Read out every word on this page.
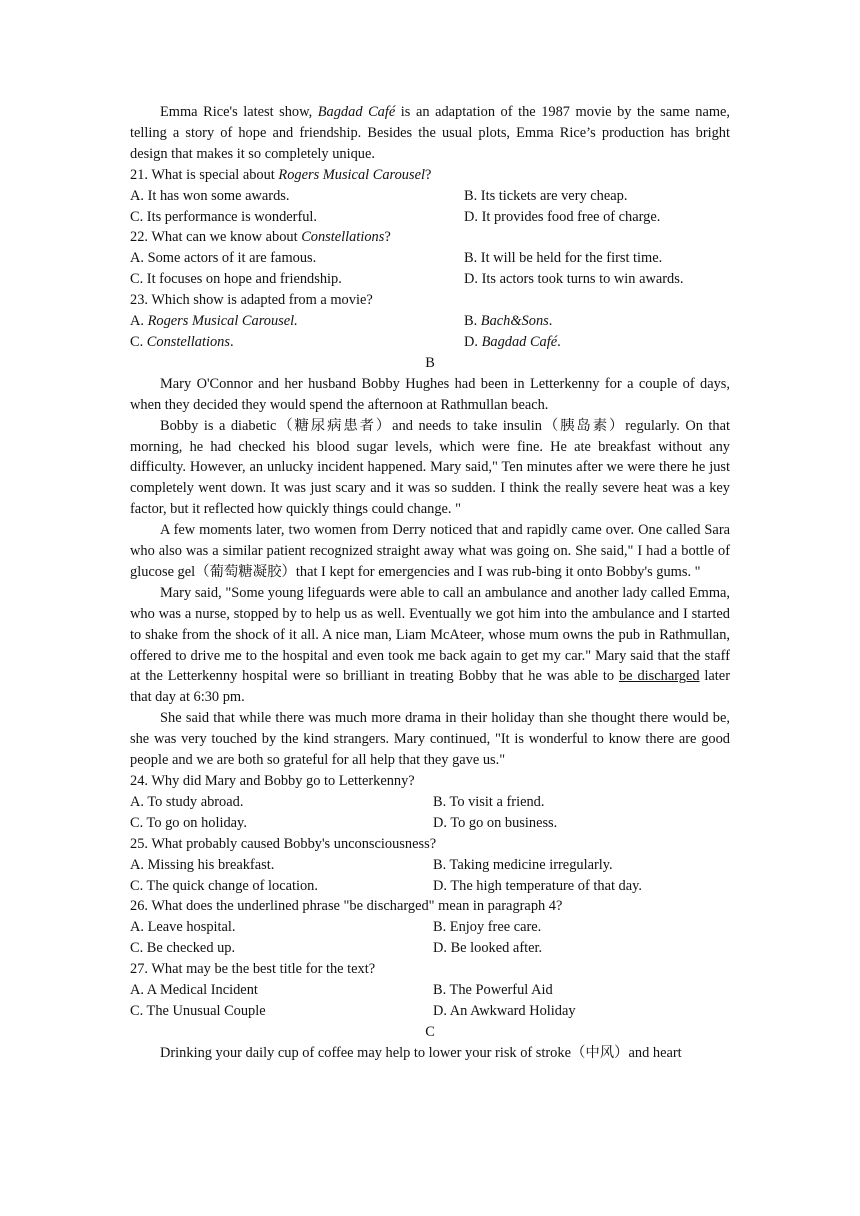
Emma Rice's latest show, Bagdad Café is an adaptation of the 1987 movie by the same name, telling a story of hope and friendship. Besides the usual plots, Emma Rice’s production has bright design that makes it so completely unique.

21. What is special about Rogers Musical Carousel?

A. It has won some awards.	B. Its tickets are very cheap.
C. Its performance is wonderful.	D. It provides food free of charge.

22. What can we know about Constellations?

A. Some actors of it are famous.	B. It will be held for the first time.
C. It focuses on hope and friendship.	D. Its actors took turns to win awards.

23. Which show is adapted from a movie?

A. Rogers Musical Carousel.	B. Bach&Sons.
C. Constellations.	D. Bagdad Café.

B

Mary O'Connor and her husband Bobby Hughes had been in Letterkenny for a couple of days, when they decided they would spend the afternoon at Rathmullan beach.

Bobby is a diabetic（糖尿病患者）and needs to take insulin（胰岛素）regularly. On that morning, he had checked his blood sugar levels, which were fine. He ate breakfast without any difficulty. However, an unlucky incident happened. Mary said," Ten minutes after we were there he just completely went down. It was just scary and it was so sudden. I think the really severe heat was a key factor, but it reflected how quickly things could change. "

A few moments later, two women from Derry noticed that and rapidly came over. One called Sara who also was a similar patient recognized straight away what was going on. She said," I had a bottle of glucose gel（葡萄糖凝胶）that I kept for emergencies and I was rub-bing it onto Bobby's gums. "

Mary said, "Some young lifeguards were able to call an ambulance and another lady called Emma, who was a nurse, stopped by to help us as well. Eventually we got him into the ambulance and I started to shake from the shock of it all. A nice man, Liam McAteer, whose mum owns the pub in Rathmullan, offered to drive me to the hospital and even took me back again to get my car." Mary said that the staff at the Letterkenny hospital were so brilliant in treating Bobby that he was able to be discharged later that day at 6:30 pm.

She said that while there was much more drama in their holiday than she thought there would be, she was very touched by the kind strangers. Mary continued, "It is wonderful to know there are good people and we are both so grateful for all help that they gave us."

24. Why did Mary and Bobby go to Letterkenny?

A. To study abroad.	B. To visit a friend.
C. To go on holiday.	D. To go on business.

25. What probably caused Bobby's unconsciousness?

A. Missing his breakfast.	B. Taking medicine irregularly.
C. The quick change of location.	D. The high temperature of that day.

26. What does the underlined phrase "be discharged" mean in paragraph 4?

A. Leave hospital.	B. Enjoy free care.
C. Be checked up.	D. Be looked after.

27. What may be the best title for the text?

A. A Medical Incident	B. The Powerful Aid
C. The Unusual Couple	D. An Awkward Holiday

C

Drinking your daily cup of coffee may help to lower your risk of stroke（中风）and heart
